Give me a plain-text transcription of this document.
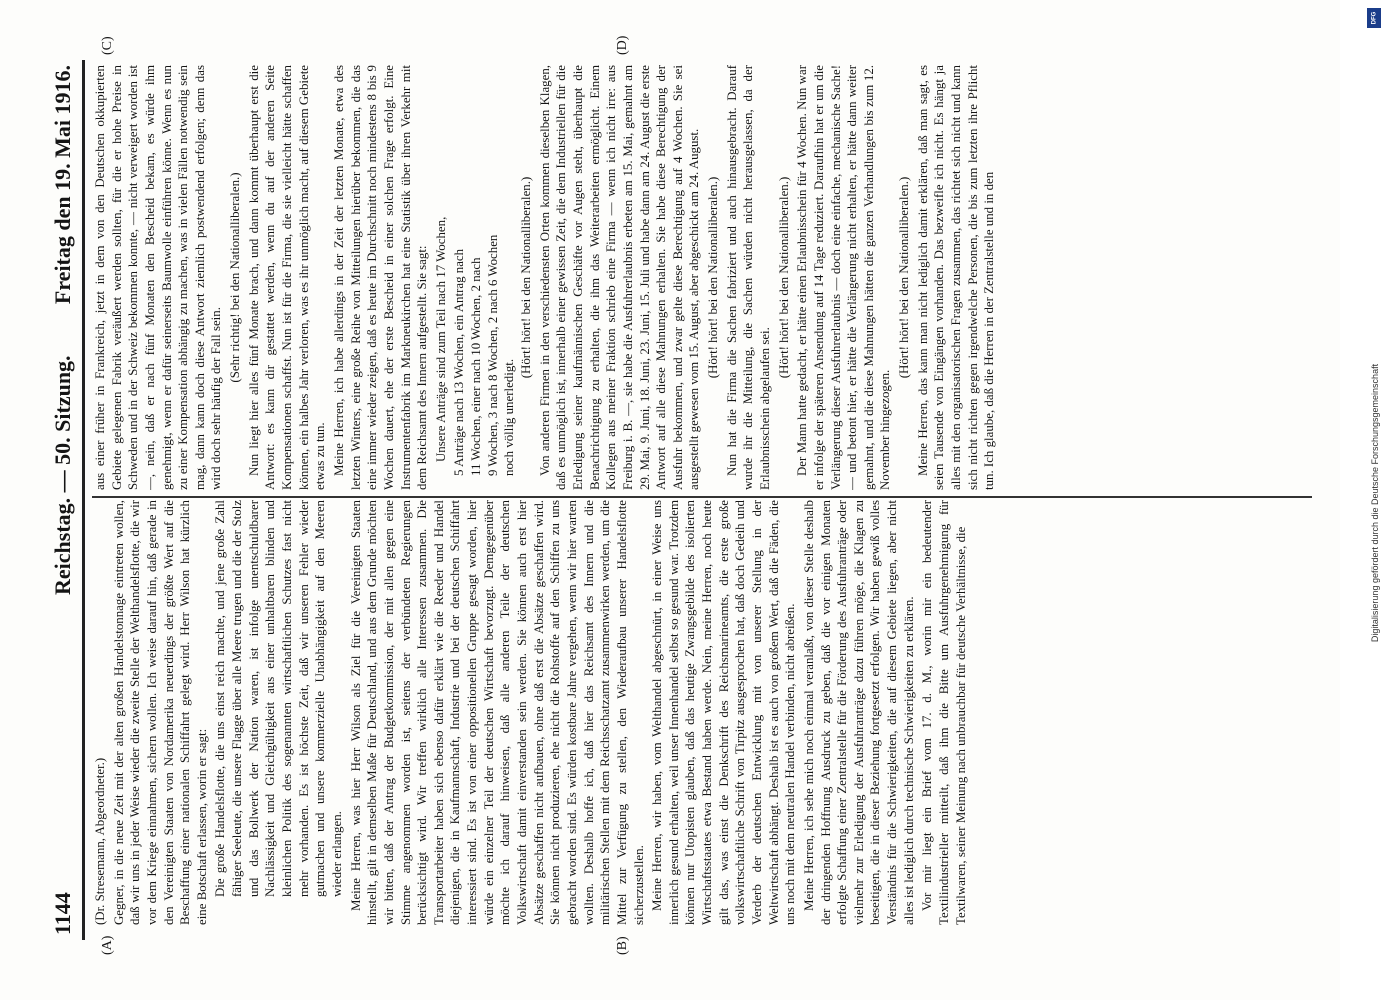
1144
Reichstag. — 50. Sitzung.
Freitag den 19. Mai 1916.
(A)	(B)
(C)	(D)

(Dr. Stresemann, Abgeordneter.) Gegner, in die neue Zeit mit der alten großen Handelstonnage eintreten wollen, daß wir uns in jeder Weise wieder die zweite Stelle der Welthandelsflotte, die wir vor dem Kriege einnahmen, sichern wollen. Ich weise darauf hin, daß gerade in den Vereinigten Staaten von Nordamerika neuerdings der größte Wert auf die Beschaffung einer nationalen Schiffahrt gelegt wird. Herr Wilson hat kürzlich eine Botschaft erlassen, worin er sagt: Die große Handelsflotte, die uns einst reich machte, und jene große Zahl fähiger Seeleute, die unsere Flagge über alle Meere trugen und die der Stolz und das Bollwerk der Nation waren, ist infolge unentschuldbarer Nachlässigkeit und Gleichgültigkeit aus einer unhaltbaren blinden und kleinlichen Politik des sogenannten wirtschaftlichen Schutzes fast nicht mehr vorhanden. Es ist höchste Zeit, daß wir unseren Fehler wieder gutmachen und unsere kommerzielle Unabhängigkeit auf den Meeren wieder erlangen. Meine Herren, was hier Herr Wilson als Ziel für die Vereinigten Staaten hinstellt, gilt in demselben Maße für Deutschland, und aus dem Grunde möchten wir bitten, daß der Antrag der Budgetkommission, der mit allen gegen eine Stimme angenommen worden ist, seitens der verbündeten Regierungen berücksichtigt wird. Wir treffen wirklich alle Interessen zusammen. Die Transportarbeiter haben sich ebenso dafür erklärt wie die Reeder und Handel diejenigen, die in Kaufmannschaft, Industrie und bei der deutschen Schiffahrt interessiert sind. Es ist von einer oppositionellen Gruppe gesagt worden, hier würde ein einzelner Teil der deutschen Wirtschaft bevorzugt. Demgegenüber möchte ich darauf hinweisen, daß alle anderen Teile der deutschen Volkswirtschaft damit einverstanden sein werden. Sie können auch erst hier Absätze geschaffen nicht aufbauen, ohne daß erst die Absätze geschaffen wird. Sie können nicht produzieren, ehe nicht die Rohstoffe auf den Schiffen zu uns gebracht worden sind. Es würden kostbare Jahre vergehen, wenn wir hier warten wollten. Deshalb hoffe ich, daß hier das Reichsamt des Innern und die militärischen Stellen mit dem Reichsschatzamt zusammenwirken werden, um die Mittel zur Verfügung zu stellen, den Wiederaufbau unserer Handelsflotte sicherzustellen. Meine Herren, wir haben, vom Welthandel abgeschnürt, in einer Weise uns innerlich gesund erhalten, weil unser Innenhandel selbst so gesund war. Trotzdem können nur Utopisten glauben, daß das heutige Zwangsgebilde des isolierten Wirtschaftsstaates etwa Bestand haben werde. Nein, meine Herren, noch heute gilt das, was einst die Denkschrift des Reichsmarineamts, die erste große volkswirtschaftliche Schrift von Tirpitz ausgesprochen hat, daß doch Gedeih und Verderb der deutschen Entwicklung mit von unserer Stellung in der Weltwirtschaft abhängt. Deshalb ist es auch von großem Wert, daß die Fäden, die uns noch mit dem neutralen Handel verbinden, nicht abreißen. Meine Herren, ich sehe mich noch einmal veranlaßt, von dieser Stelle deshalb der dringenden Hoffnung Ausdruck zu geben, daß die vor einigen Monaten erfolgte Schaffung einer Zentralstelle für die Förderung des Ausfuhranträge oder vielmehr zur Erledigung der Ausfuhranträge dazu führen möge, die Klagen zu beseitigen, die in dieser Beziehung fortgesetzt erfolgen. Wir haben gewiß volles Verständnis für die Schwierigkeiten, die auf diesem Gebiete liegen, aber nicht alles ist lediglich durch technische Schwierigkeiten zu erklären. Vor mir liegt ein Brief vom 17. d. M., worin mir ein bedeutender Textilindustrieller mitteilt, daß ihm die Bitte um Ausfuhrgenehmigung für Textilwaren, seiner Meinung nach unbrauchbar für deutsche Verhältnisse, die

aus einer früher in Frankreich, jetzt in dem von den Deutschen okkupierten Gebiete gelegenen Fabrik veräußert werden sollten, für die er hohe Preise in Schweden und in der Schweiz bekommen konnte, — nicht verweigert worden ist —, nein, daß er nach fünf Monaten den Bescheid bekam, es würde ihm genehmigt, wenn er dafür seinerseits Baumwolle einführen könne. Wenn es nun zu einer Kompensation abhängig zu machen, was in vielen Fällen notwendig sein mag, dann kann doch diese Antwort ziemlich postwendend erfolgen; denn das wird doch sehr häufig der Fall sein.

(Sehr richtig! bei den Nationalliberalen.) Nun liegt hier alles fünf Monate brach, und dann kommt überhaupt erst die Antwort: es kann dir gestattet werden, wenn du auf der anderen Seite Kompensationen schaffst. Nun ist für die Firma, die sie vielleicht hätte schaffen können, ein halbes Jahr verloren, was es ihr unmöglich macht, auf diesem Gebiete etwas zu tun. Meine Herren, ich habe allerdings in der Zeit der letzten Monate, etwa des letzten Winters, eine große Reihe von Mitteilungen hierüber bekommen, die das eine immer wieder zeigen, daß es heute im Durchschnitt noch mindestens 8 bis 9 Wochen dauert, ehe der erste Bescheid in einer solchen Frage erfolgt. Eine Instrumentenfabrik im Markneukirchen hat eine Statistik über ihren Verkehr mit dem Reichsamt des Innern aufgestellt. Sie sagt: Unsere Anträge sind zum Teil nach 17 Wochen, 5 Anträge nach 13 Wochen, ein Antrag nach 11 Wochen, einer nach 10 Wochen, 2 nach 9 Wochen, 3 nach 8 Wochen, 2 nach 6 Wochen noch völlig unerledigt.

(Hört! hört! bei den Nationalliberalen.) Von anderen Firmen in den verschiedensten Orten kommen dieselben Klagen, daß es unmöglich ist, innerhalb einer gewissen Zeit, die dem Industriellen für die Erledigung seiner kaufmännischen Geschäfte vor Augen steht, überhaupt die Benachrichtigung zu erhalten, die ihm das Weiterarbeiten ermöglicht. Einem Kollegen aus meiner Fraktion schrieb eine Firma — wenn ich nicht irre: aus Freiburg i. B. —, sie habe die Ausfuhrerlaubnis erbeten am 15. Mai, gemahnt am 29. Mai, 9. Juni, 18. Juni, 23. Juni, 15. Juli und habe dann am 24. August die erste Antwort auf alle diese Mahnungen erhalten. Sie habe diese Berechtigung der Ausfuhr bekommen, und zwar gelte diese Berechtigung auf 4 Wochen. Sie sei ausgestellt gewesen vom 15. August, aber abgeschickt am 24. August. (Hört! hört! bei den Nationalliberalen.) Nun hat die Firma die Sachen fabriziert und auch hinausgebracht. Darauf wurde ihr die Mitteilung, die Sachen würden nicht herausgelassen, da der Erlaubnisschein abgelaufen sei.

(Hört! hört! bei den Nationalliberalen.) Der Mann hatte gedacht, er hätte einen Erlaubnisschein für 4 Wochen. Nun war er infolge der späteren Ansendung auf 14 Tage reduziert. Daraufhin hat er um die Verlängerung dieser Ausfuhrerlaubnis — doch eine einfache, mechanische Sache! — und betont hier, er hätte die Verlängerung nicht erhalten, er hätte dann weiter gemahnt, und die diese Mahnungen hätten die ganzen Verhandlungen bis zum 12. November hingezogen.

(Hört! hört! bei den Nationalliberalen.) Meine Herren, das kann man nicht lediglich damit erklären, daß man sagt, es seien Tausende von Eingängen vorhanden. Das bezweifle ich nicht. Es hängt ja alles mit den organisatorischen Fragen zusammen, das richtet sich nicht und kann sich nicht richten gegen irgendwelche Personen, die bis zum letzten ihre Pflicht tun. Ich glaube, daß die Herren in der Zentralstelle und in den

DFG
Digitalisierung gefördert durch die Deutsche Forschungsgemeinschaft
